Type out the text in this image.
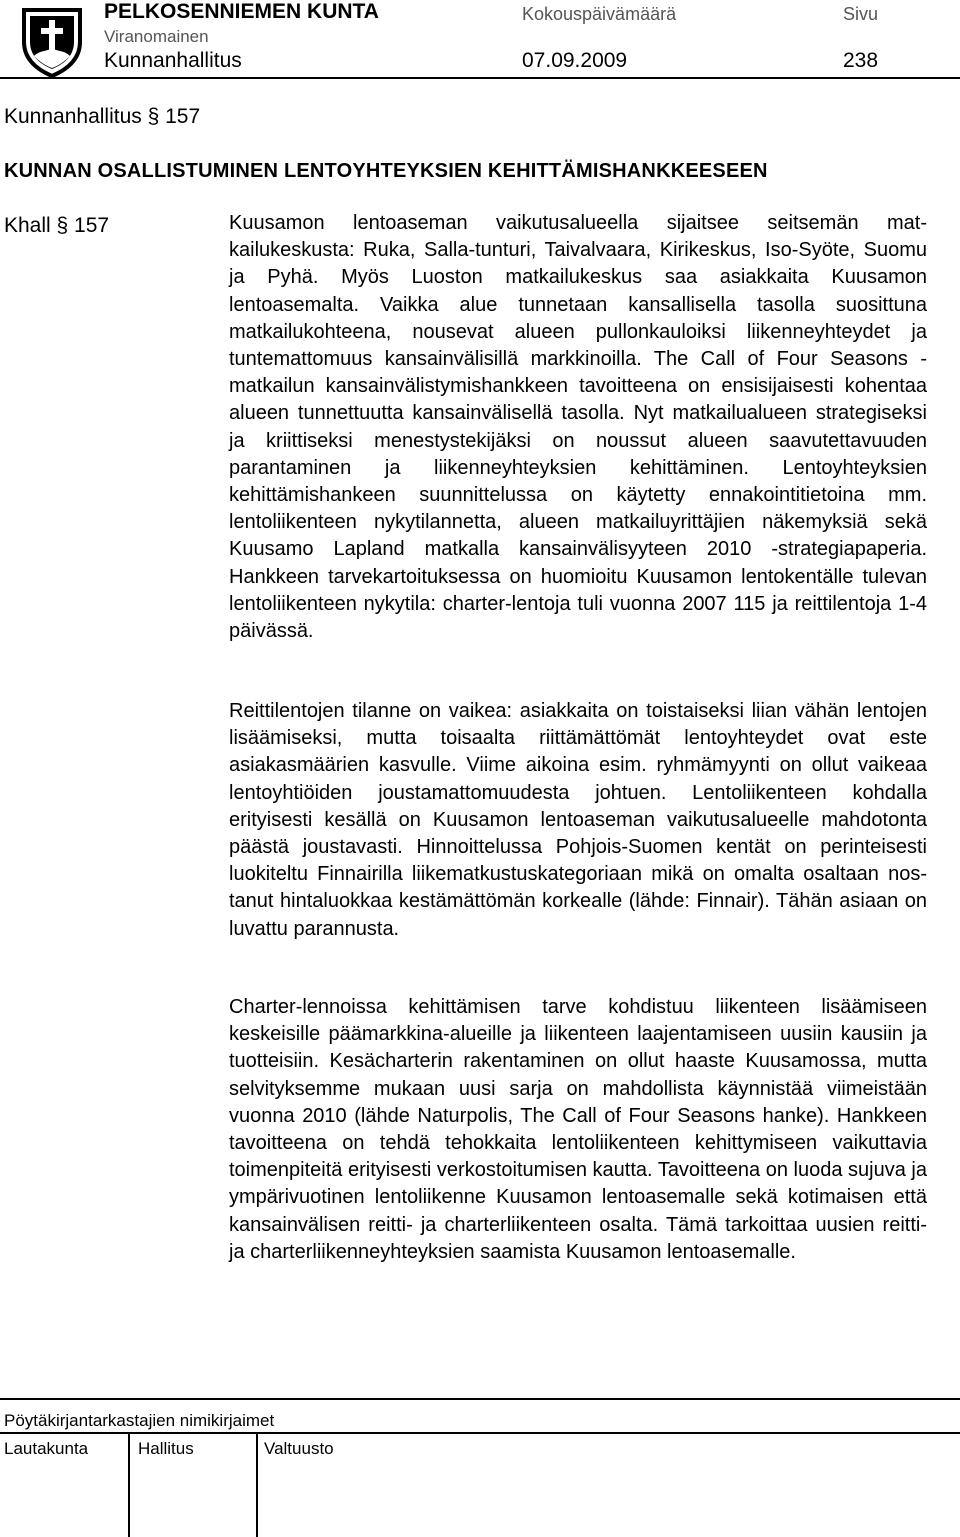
PELKOSENNIEMEN KUNTA	Kokouspäivämäärä	Sivu
Viranomainen
Kunnanhallitus	07.09.2009	238
Kunnanhallitus § 157
KUNNAN OSALLISTUMINEN LENTOYHTEYKSIEN KEHITTÄMISHANKKEESEEN
Khall § 157	Kuusamon lentoaseman vaikutusalueella sijaitsee seitsemän matkailukeskusta: Ruka, Salla-tunturi, Taivalvaara, Kirikeskus, Iso-Syöte, Suomu ja Pyhä. Myös Luoston matkailukeskus saa asiakkaita Kuusamon lentoasemalta. Vaikka alue tunnetaan kansallisella tasolla suosittuna matkailukohteena, nousevat alueen pullonkauloiksi liikenneyhteydet ja tuntemattomuus kansainvälisillä markkinoilla. The Call of Four Seasons -matkailun kansainvälistymishankkeen tavoitteena on ensisijaisesti kohentaa alueen tunnettuutta kansainvälisellä tasolla. Nyt matkailualueen strategiseksi ja kriittiseksi menestystekijäksi on noussut alueen saavutettavuuden parantaminen ja liikenneyhteyksien kehittäminen. Lentoyhteyksien kehittämishankeen suunnittelussa on käytetty ennakointitietoina mm. lentoliikenteen nykytilannetta, alueen matkailuyrittäjien näkemyksiä sekä Kuusamo Lapland matkalla kansainvälisyyteen 2010 -strategiapaperia. Hankkeen tarvekartoituksessa on huomioitu Kuusamon lentokentälle tulevan lentoliikenteen nykytila: charter-lentoja tuli vuonna 2007 115 ja reittilentoja 1-4 päivässä.

Reittilentojen tilanne on vaikea: asiakkaita on toistaiseksi liian vähän lentojen lisäämiseksi, mutta toisaalta riittämättömät lentoyhteydet ovat este asiakasmäärien kasvulle. Viime aikoina esim. ryhmämyynti on ollut vaikeaa lentoyhtiöiden joustamattomuudesta johtuen. Lentoliikenteen kohdalla erityisesti kesällä on Kuusamon lentoaseman vaikutusalueelle mahdotonta päästä joustavasti. Hinnoittelussa Pohjois-Suomen kentät on perinteisesti luokiteltu Finnairilla liikematkustuskategoriaan mikä on omalta osaltaan nostanut hintaluokkaa kestämättömän korkealle (lähde: Finnair). Tähän asiaan on luvattu parannusta.

Charter-lennoissa kehittämisen tarve kohdistuu liikenteen lisäämiseen keskeisille päämarkkina-alueille ja liikenteen laajentamiseen uusiin kausiin ja tuotteisiin. Kesächarterin rakentaminen on ollut haaste Kuusamossa, mutta selvityksemme mukaan uusi sarja on mahdollista käynnistää viimeistään vuonna 2010 (lähde Naturpolis, The Call of Four Seasons hanke). Hankkeen tavoitteena on tehdä tehokkaita lentoliikenteen kehittymiseen vaikuttavia toimenpiteitä erityisesti verkostoitumisen kautta. Tavoitteena on luoda sujuva ja ympärivuotinen lentoliikenne Kuusamon lentoasemalle sekä kotimaisen että kansainvälisen reitti- ja charterliikenteen osalta. Tämä tarkoittaa uusien reitti- ja charterliikenneyhteyksien saamista Kuusamon lentoasemalle.

Pöytäkirjantarkastajien nimikirjaimet
Lautakunta	Hallitus	Valtuusto
